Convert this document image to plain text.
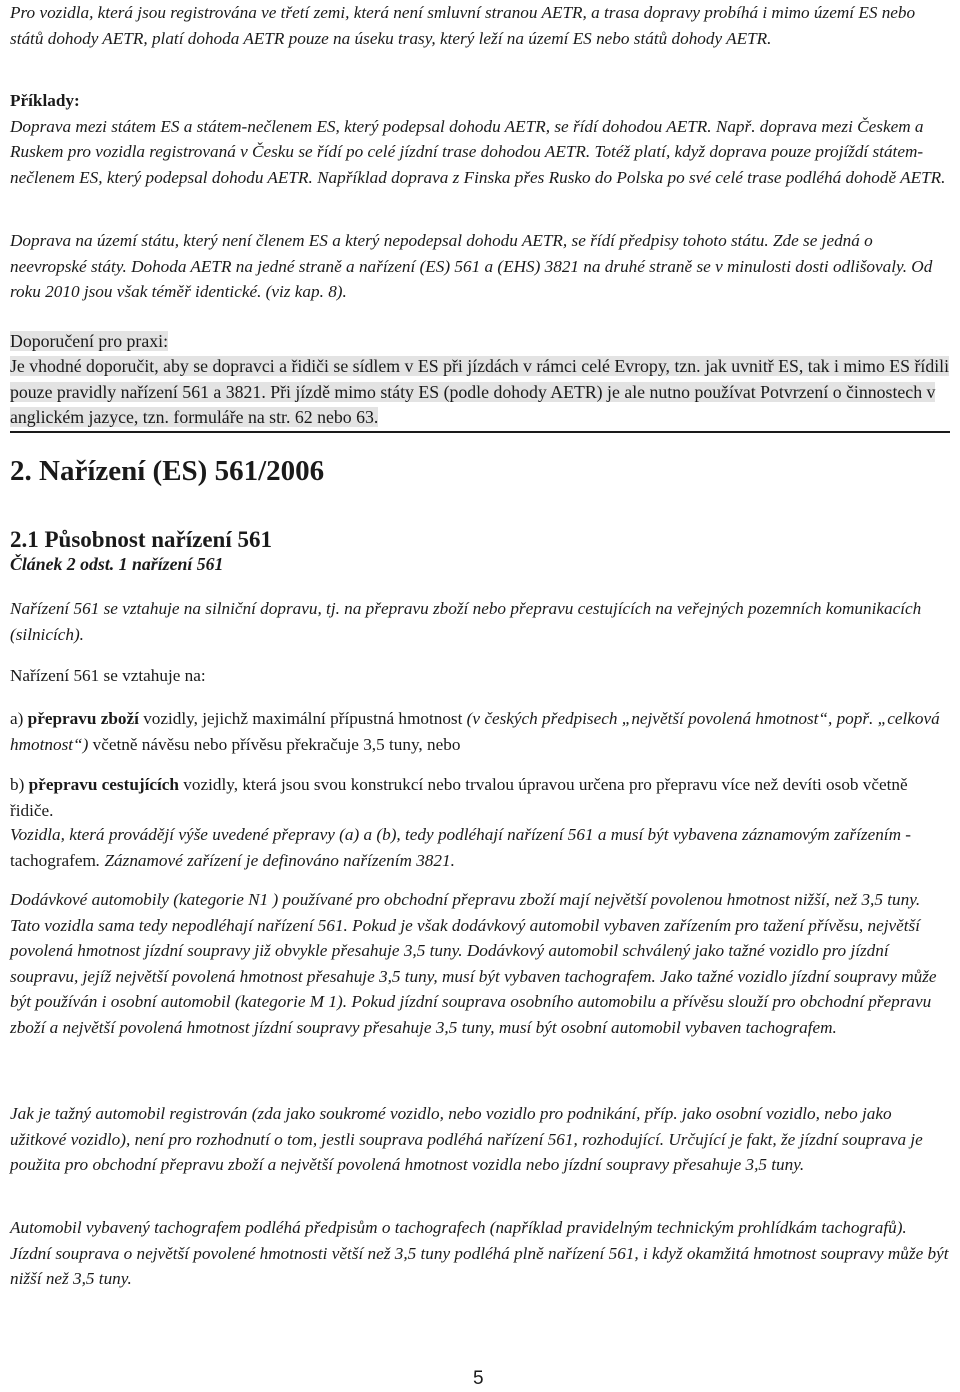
Pro vozidla, která jsou registrována ve třetí zemi, která není smluvní stranou AETR, a trasa dopravy probíhá i mimo území ES nebo států dohody AETR, platí dohoda AETR pouze na úseku trasy, který leží na území ES nebo států dohody AETR.

Příklady:

Doprava mezi státem ES a státem-nečlenem ES, který podepsal dohodu AETR, se řídí dohodou AETR. Např. doprava mezi Českem a Ruskem pro vozidla registrovaná v Česku se řídí po celé jízdní trase dohodou AETR. Totéž platí, když doprava pouze projíždí státem-nečlenem ES, který podepsal dohodu AETR. Například doprava z Finska přes Rusko do Polska po své celé trase podléhá dohodě AETR.

Doprava na území státu, který není členem ES a který nepodepsal dohodu AETR, se řídí předpisy tohoto státu. Zde se jedná o neevropské státy. Dohoda AETR na jedné straně a nařízení (ES) 561 a (EHS) 3821 na druhé straně se v minulosti dosti odlišovaly. Od roku 2010 jsou však téměř identické. (viz kap. 8).

Doporučení pro praxi:

Je vhodné doporučit, aby se dopravci a řidiči se sídlem v ES při jízdách v rámci celé Evropy, tzn. jak uvnitř ES, tak i mimo ES řídili pouze pravidly nařízení 561 a 3821. Při jízdě mimo státy ES (podle dohody AETR) je ale nutno používat Potvrzení o činnostech v anglickém jazyce, tzn. formuláře na str. 62 nebo 63.

2. Nařízení (ES) 561/2006
2.1 Působnost nařízení 561
Článek 2 odst. 1 nařízení 561

Nařízení 561 se vztahuje na silniční dopravu, tj. na přepravu zboží nebo přepravu cestujících na veřejných pozemních komunikacích (silnicích).

Nařízení 561 se vztahuje na:

a) přepravu zboží vozidly, jejichž maximální přípustná hmotnost (v českých předpisech „největší povolená hmotnost“, popř. „celková hmotnost“) včetně návěsu nebo přívěsu překračuje 3,5 tuny, nebo

b) přepravu cestujících vozidly, která jsou svou konstrukcí nebo trvalou úpravou určena pro přepravu více než devíti osob včetně řidiče.

Vozidla, která provádějí výše uvedené přepravy (a) a (b), tedy podléhají nařízení 561 a musí být vybavena záznamovým zařízením - tachografem. Záznamové zařízení je definováno nařízením 3821.

Dodávkové automobily (kategorie N1 ) používané pro obchodní přepravu zboží mají největší povolenou hmotnost nižší, než 3,5 tuny. Tato vozidla sama tedy nepodléhají nařízení 561. Pokud je však dodávkový automobil vybaven zařízením pro tažení přívěsu, největší povolená hmotnost jízdní soupravy již obvykle přesahuje 3,5 tuny. Dodávkový automobil schválený jako tažné vozidlo pro jízdní soupravu, jejíž největší povolená hmotnost přesahuje 3,5 tuny, musí být vybaven tachografem. Jako tažné vozidlo jízdní soupravy může být používán i osobní automobil (kategorie M 1). Pokud jízdní souprava osobního automobilu a přívěsu slouží pro obchodní přepravu zboží a největší povolená hmotnost jízdní soupravy přesahuje 3,5 tuny, musí být osobní automobil vybaven tachografem.

Jak je tažný automobil registrován (zda jako soukromé vozidlo, nebo vozidlo pro podnikání, příp. jako osobní vozidlo, nebo jako užitkové vozidlo), není pro rozhodnutí o tom, jestli souprava podléhá nařízení 561, rozhodující. Určující je fakt, že jízdní souprava je použita pro obchodní přepravu zboží a největší povolená hmotnost vozidla nebo jízdní soupravy přesahuje 3,5 tuny.

Automobil vybavený tachografem podléhá předpisům o tachografech (například pravidelným technickým prohlídkám tachografů). Jízdní souprava o největší povolené hmotnosti větší než 3,5 tuny podléhá plně nařízení 561, i když okamžitá hmotnost soupravy může být nižší než 3,5 tuny.

5
